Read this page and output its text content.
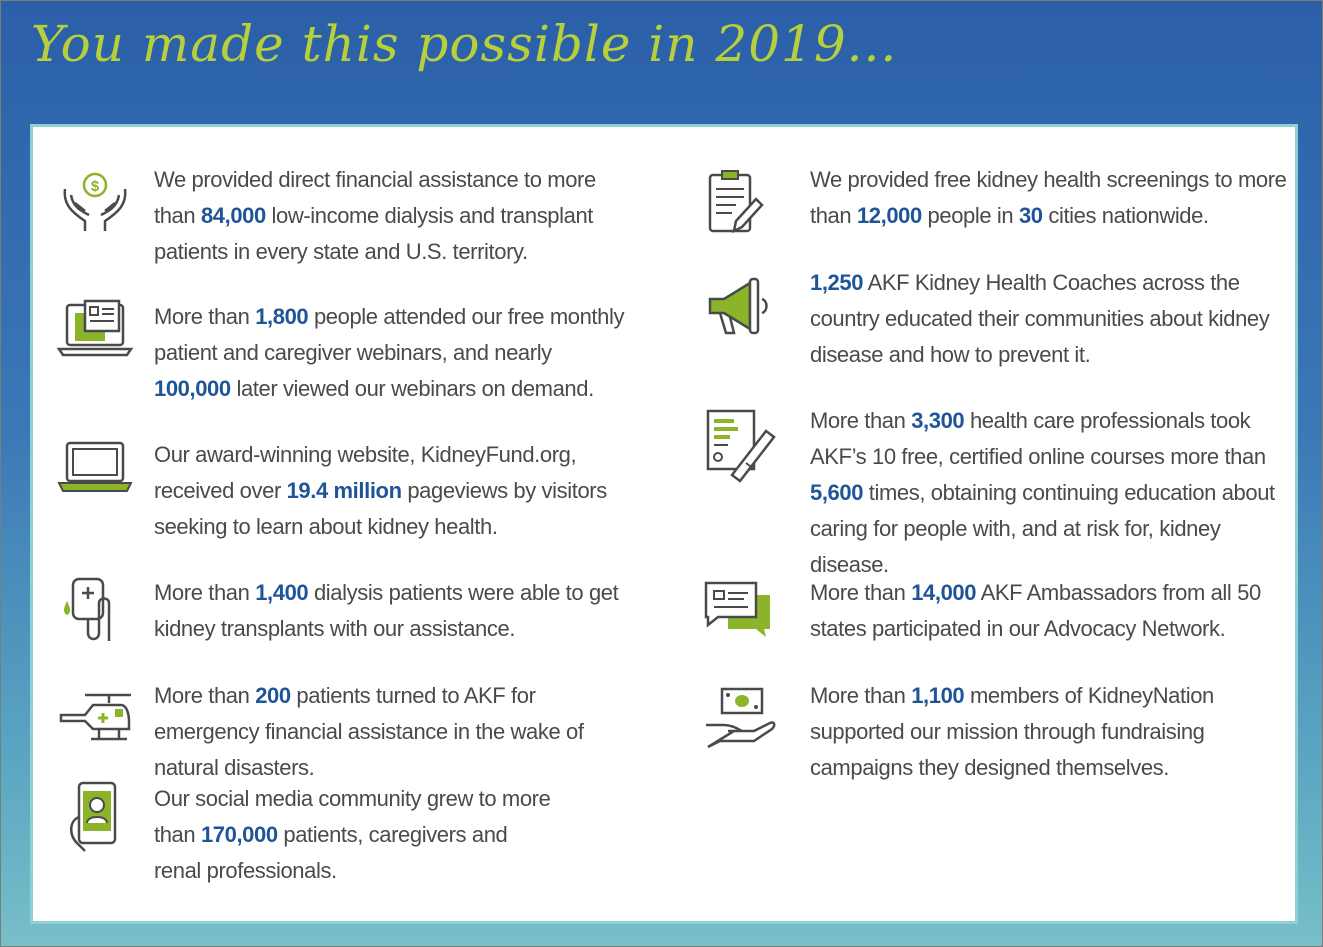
You made this possible in 2019...
$ We provided direct financial assistance to more than 84,000 low-income dialysis and transplant patients in every state and U.S. territory.
More than 1,800 people attended our free monthly patient and caregiver webinars, and nearly 100,000 later viewed our webinars on demand.
Our award-winning website, KidneyFund.org, received over 19.4 million pageviews by visitors seeking to learn about kidney health.
More than 1,400 dialysis patients were able to get kidney transplants with our assistance.
More than 200 patients turned to AKF for emergency financial assistance in the wake of natural disasters.
Our social media community grew to more than 170,000 patients, caregivers and renal professionals.
We provided free kidney health screenings to more than 12,000 people in 30 cities nationwide.
1,250 AKF Kidney Health Coaches across the country educated their communities about kidney disease and how to prevent it.
More than 3,300 health care professionals took AKF’s 10 free, certified online courses more than 5,600 times, obtaining continuing education about caring for people with, and at risk for, kidney disease.
More than 14,000 AKF Ambassadors from all 50 states participated in our Advocacy Network.
More than 1,100 members of KidneyNation supported our mission through fundraising campaigns they designed themselves.
